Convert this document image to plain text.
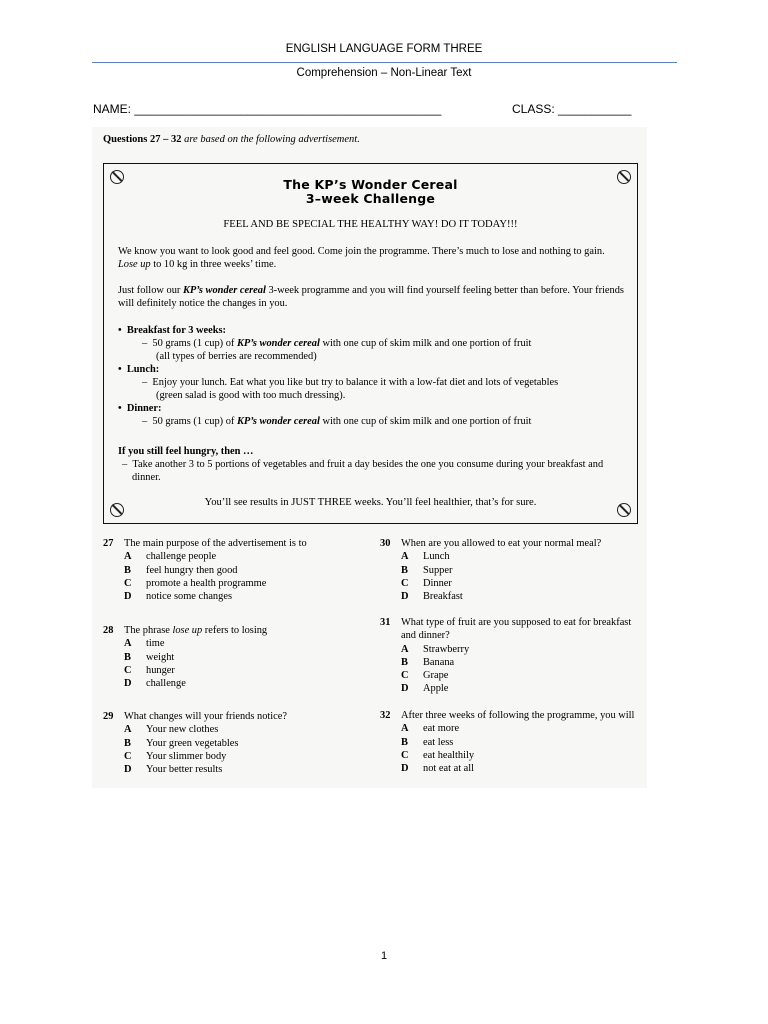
ENGLISH LANGUAGE FORM THREE
Comprehension – Non-Linear Text
NAME: ______________________________________________	CLASS: ___________
Questions 27 – 32 are based on the following advertisement.
The KP’s Wonder Cereal
3–week Challenge
FEEL AND BE SPECIAL THE HEALTHY WAY! DO IT TODAY!!!
We know you want to look good and feel good. Come join the programme. There’s much to lose and nothing to gain. Lose up to 10 kg in three weeks’ time.
Just follow our KP’s wonder cereal 3-week programme and you will find yourself feeling better than before. Your friends will definitely notice the changes in you.
• Breakfast for 3 weeks:
– 50 grams (1 cup) of KP’s wonder cereal with one cup of skim milk and one portion of fruit
(all types of berries are recommended)
• Lunch:
– Enjoy your lunch. Eat what you like but try to balance it with a low-fat diet and lots of vegetables
(green salad is good with too much dressing).
• Dinner:
– 50 grams (1 cup) of KP’s wonder cereal with one cup of skim milk and one portion of fruit
If you still feel hungry, then …
– Take another 3 to 5 portions of vegetables and fruit a day besides the one you consume during your breakfast and dinner.
You’ll see results in JUST THREE weeks. You’ll feel healthier, that’s for sure.
27	The main purpose of the advertisement is to
A challenge people
B feel hungry then good
C promote a health programme
D notice some changes
28	The phrase lose up refers to losing
A time
B weight
C hunger
D challenge
29	What changes will your friends notice?
A Your new clothes
B Your green vegetables
C Your slimmer body
D Your better results
30	When are you allowed to eat your normal meal?
A Lunch
B Supper
C Dinner
D Breakfast
31	What type of fruit are you supposed to eat for breakfast and dinner?
A Strawberry
B Banana
C Grape
D Apple
32	After three weeks of following the programme, you will
A eat more
B eat less
C eat healthily
D not eat at all
1
